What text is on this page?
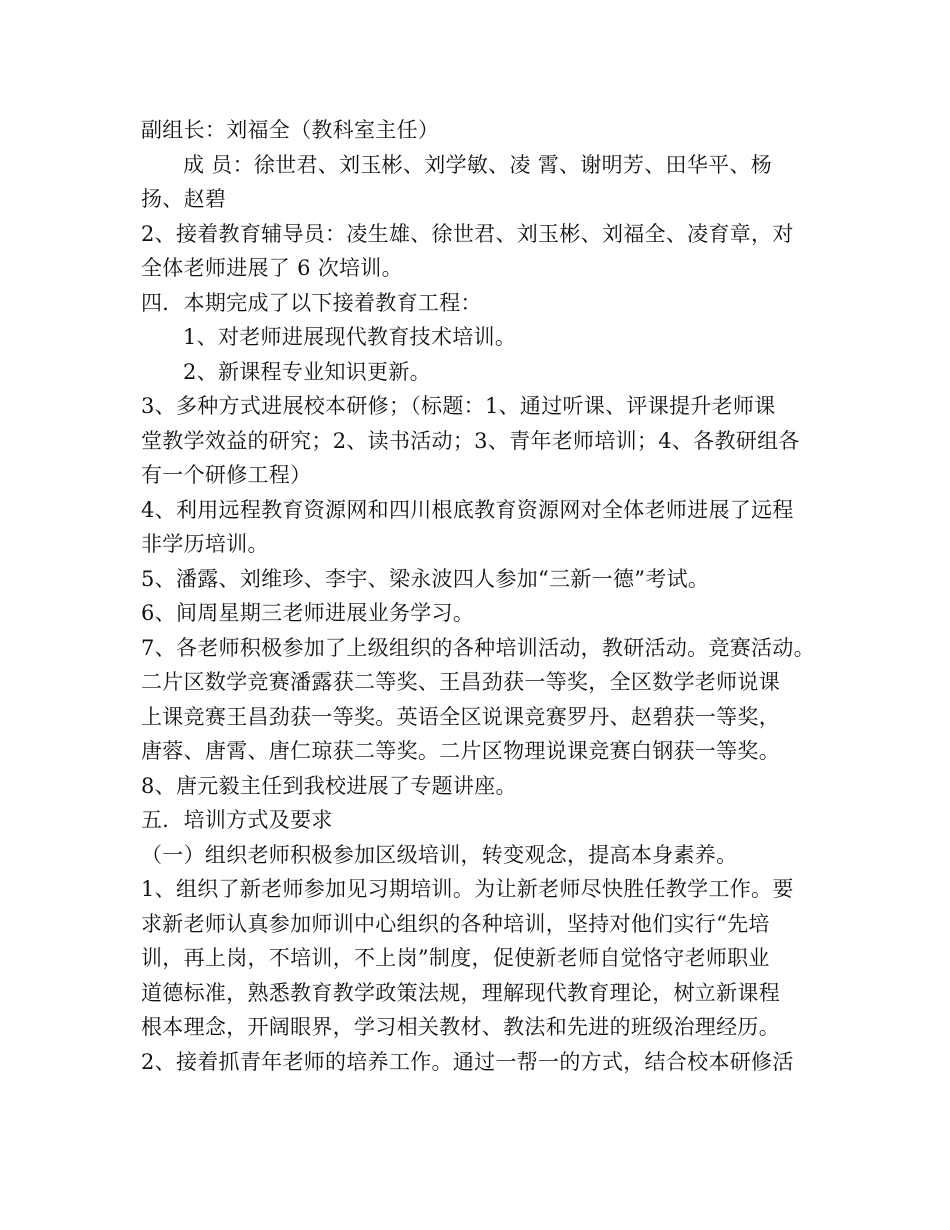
副组长：刘福全（教科室主任）
成 员：徐世君、刘玉彬、刘学敏、凌 霄、谢明芳、田华平、杨
扬、赵碧
2、接着教育辅导员：凌生雄、徐世君、刘玉彬、刘福全、凌育章，对
全体老师进展了 6 次培训。
四．本期完成了以下接着教育工程：
1、对老师进展现代教育技术培训。
2、新课程专业知识更新。
3、多种方式进展校本研修；（标题：1、通过听课、评课提升老师课
堂教学效益的研究；2、读书活动；3、青年老师培训；4、各教研组各
有一个研修工程）
4、利用远程教育资源网和四川根底教育资源网对全体老师进展了远程
非学历培训。
5、潘露、刘维珍、李宇、梁永波四人参加“三新一德”考试。
6、间周星期三老师进展业务学习。
7、各老师积极参加了上级组织的各种培训活动，教研活动。竞赛活动。
二片区数学竞赛潘露获二等奖、王昌劲获一等奖，全区数学老师说课
上课竞赛王昌劲获一等奖。英语全区说课竞赛罗丹、赵碧获一等奖，
唐蓉、唐霄、唐仁琼获二等奖。二片区物理说课竞赛白钢获一等奖。
8、唐元毅主任到我校进展了专题讲座。
五．培训方式及要求
（一）组织老师积极参加区级培训，转变观念，提高本身素养。
1、组织了新老师参加见习期培训。为让新老师尽快胜任教学工作。要
求新老师认真参加师训中心组织的各种培训，坚持对他们实行“先培
训，再上岗，不培训，不上岗”制度，促使新老师自觉恪守老师职业
道德标准，熟悉教育教学政策法规，理解现代教育理论，树立新课程
根本理念，开阔眼界，学习相关教材、教法和先进的班级治理经历。
2、接着抓青年老师的培养工作。通过一帮一的方式，结合校本研修活
